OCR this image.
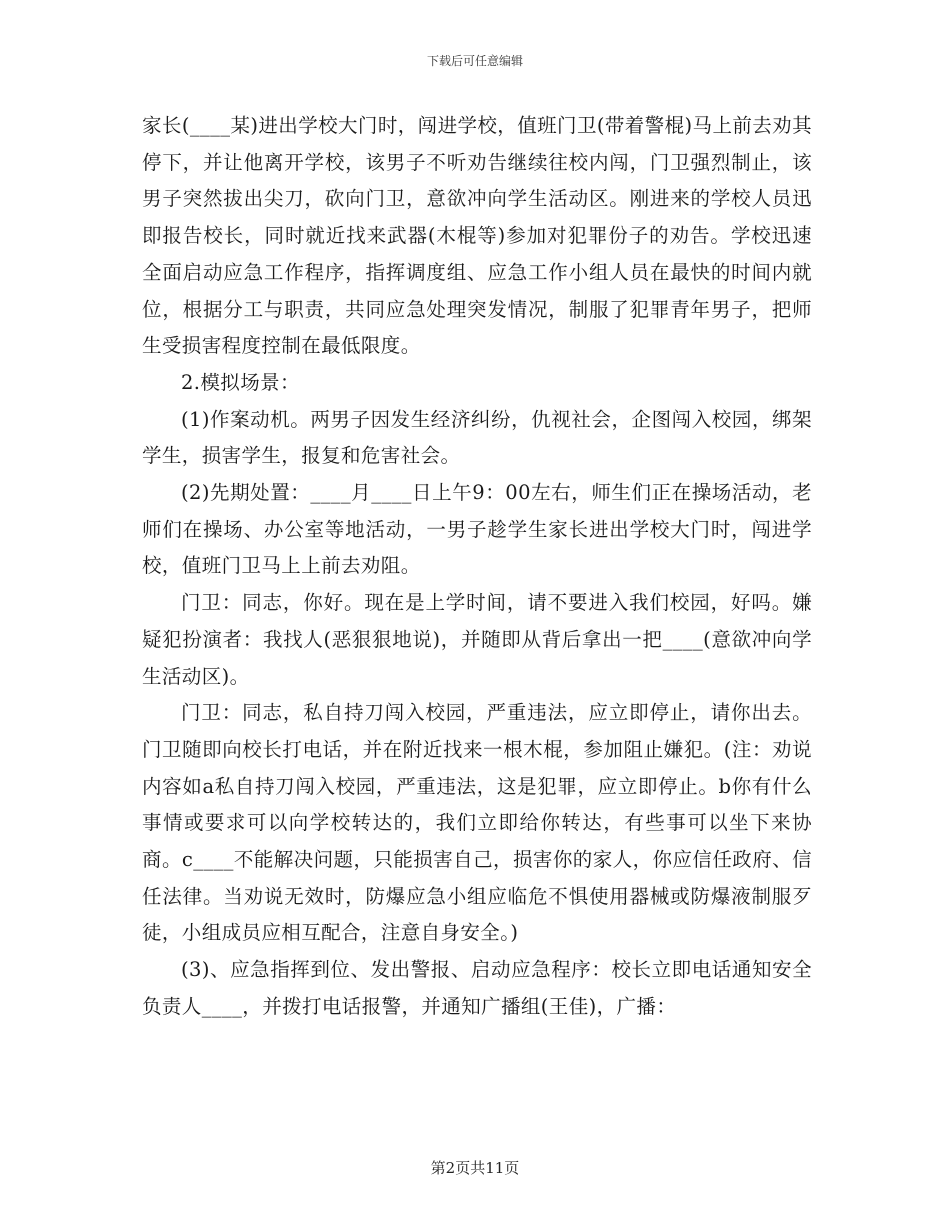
下载后可任意编辑

家长(____某)进出学校大门时，闯进学校，值班门卫(带着警棍)马上前去劝其停下，并让他离开学校，该男子不听劝告继续往校内闯，门卫强烈制止，该男子突然拔出尖刀，砍向门卫，意欲冲向学生活动区。刚进来的学校人员迅即报告校长，同时就近找来武器(木棍等)参加对犯罪份子的劝告。学校迅速全面启动应急工作程序，指挥调度组、应急工作小组人员在最快的时间内就位，根据分工与职责，共同应急处理突发情况，制服了犯罪青年男子，把师生受损害程度控制在最低限度。

2.模拟场景：

(1)作案动机。两男子因发生经济纠纷，仇视社会，企图闯入校园，绑架学生，损害学生，报复和危害社会。

(2)先期处置：____月____日上午9：00左右，师生们正在操场活动，老师们在操场、办公室等地活动，一男子趁学生家长进出学校大门时，闯进学校，值班门卫马上上前去劝阻。

门卫：同志，你好。现在是上学时间，请不要进入我们校园，好吗。嫌疑犯扮演者：我找人(恶狠狠地说)，并随即从背后拿出一把____(意欲冲向学生活动区)。

门卫：同志，私自持刀闯入校园，严重违法，应立即停止，请你出去。门卫随即向校长打电话，并在附近找来一根木棍，参加阻止嫌犯。(注：劝说内容如a私自持刀闯入校园，严重违法，这是犯罪，应立即停止。b你有什么事情或要求可以向学校转达的，我们立即给你转达，有些事可以坐下来协商。c____不能解决问题，只能损害自己，损害你的家人，你应信任政府、信任法律。当劝说无效时，防爆应急小组应临危不惧使用器械或防爆液制服歹徒，小组成员应相互配合，注意自身安全。)

(3)、应急指挥到位、发出警报、启动应急程序：校长立即电话通知安全负责人____，并拨打电话报警，并通知广播组(王佳)，广播：

第2页共11页
